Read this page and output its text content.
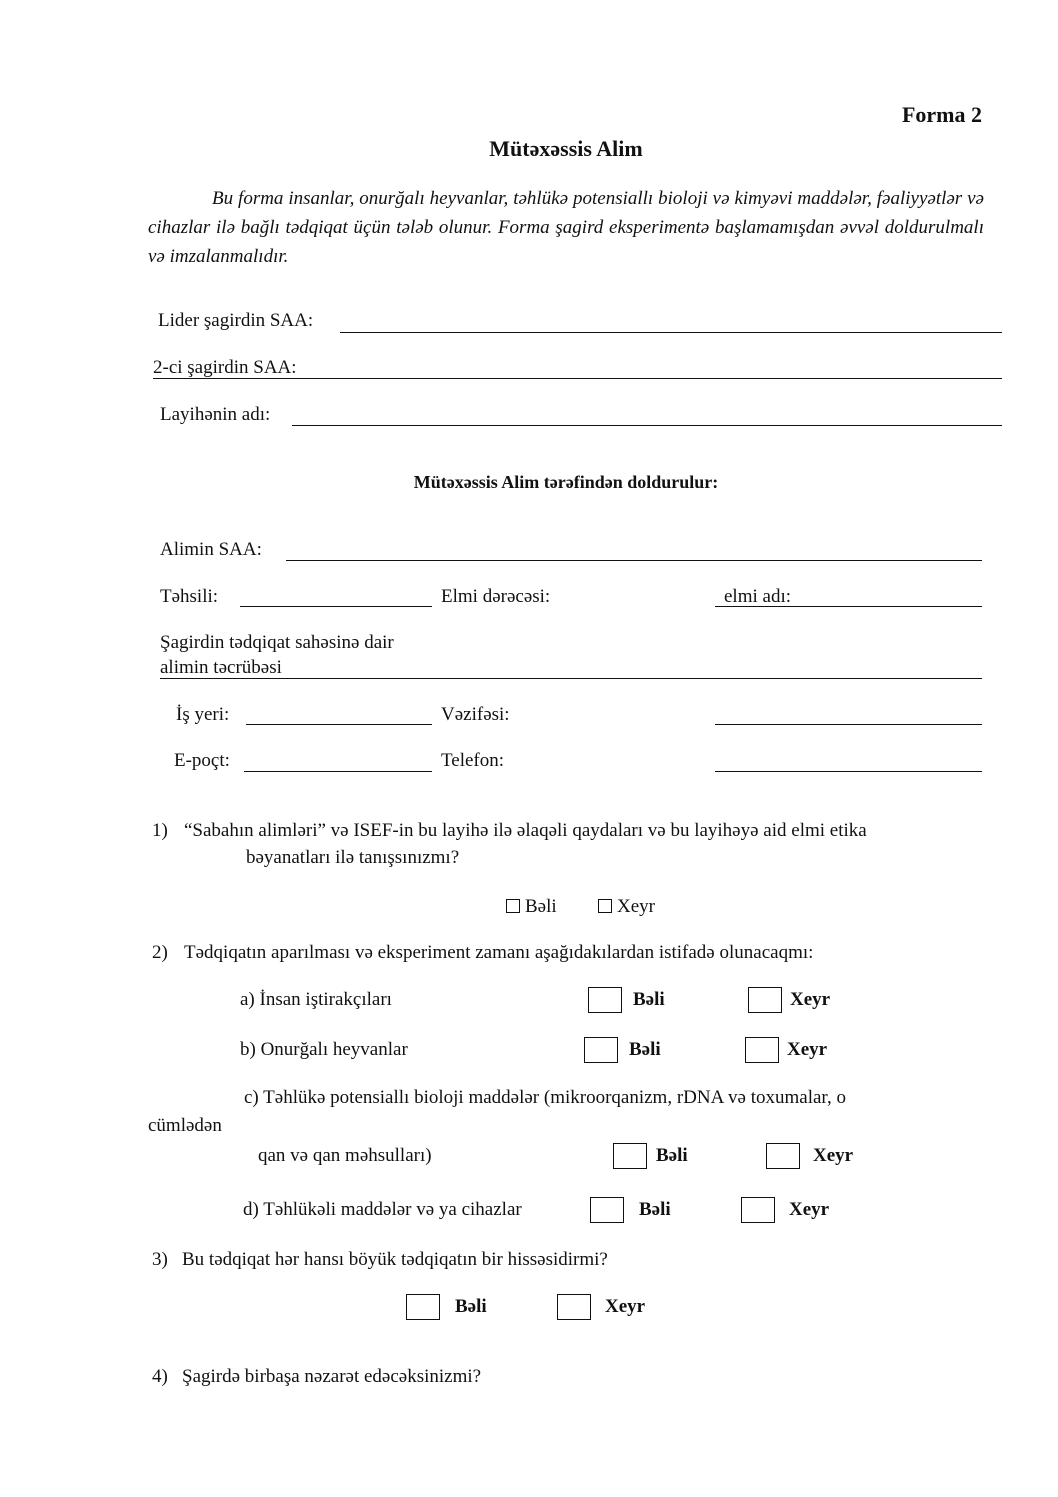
Forma 2
Mütəxəssis Alim
Bu forma insanlar, onurğalı heyvanlar, təhlükə potensiallı bioloji və kimyəvi maddələr, fəaliyyətlər və cihazlar ilə bağlı tədqiqat üçün tələb olunur. Forma şagird eksperimentə başlamamışdan əvvəl doldurulmalı və imzalanmalıdır.
Lider şagirdin SAA:
2-ci şagirdin SAA:
Layihənin adı:
Mütəxəssis Alim tərəfindən doldurulur:
Alimin SAA:
Təhsili:	Elmi dərəcəsi:	elmi adı:
Şagirdin tədqiqat sahəsinə dair
alimin təcrübəsi
İş yeri:	Vəzifəsi:
E-poçt:	Telefon:
1) “Sabahın alimləri” və ISEF-in bu layihə ilə əlaqəli qaydaları və bu layihəyə aid elmi etika
bəyanatları ilə tanışsınızmı?
Bəli	Xeyr
2) Tədqiqatın aparılması və eksperiment zamanı aşağıdakılardan istifadə olunacaqmı:
a) İnsan iştirakçıları	Bəli	Xeyr
b) Onurğalı heyvanlar	Bəli	Xeyr
c) Təhlükə potensiallı bioloji maddələr (mikroorqanizm, rDNA və toxumalar, o
cümlədən
qan və qan məhsulları)	Bəli	Xeyr
d) Təhlükəli maddələr və ya cihazlar	Bəli	Xeyr
3) Bu tədqiqat hər hansı böyük tədqiqatın bir hissəsidirmi?
Bəli	Xeyr
4) Şagirdə birbaşa nəzarət edəcəksinizmi?
